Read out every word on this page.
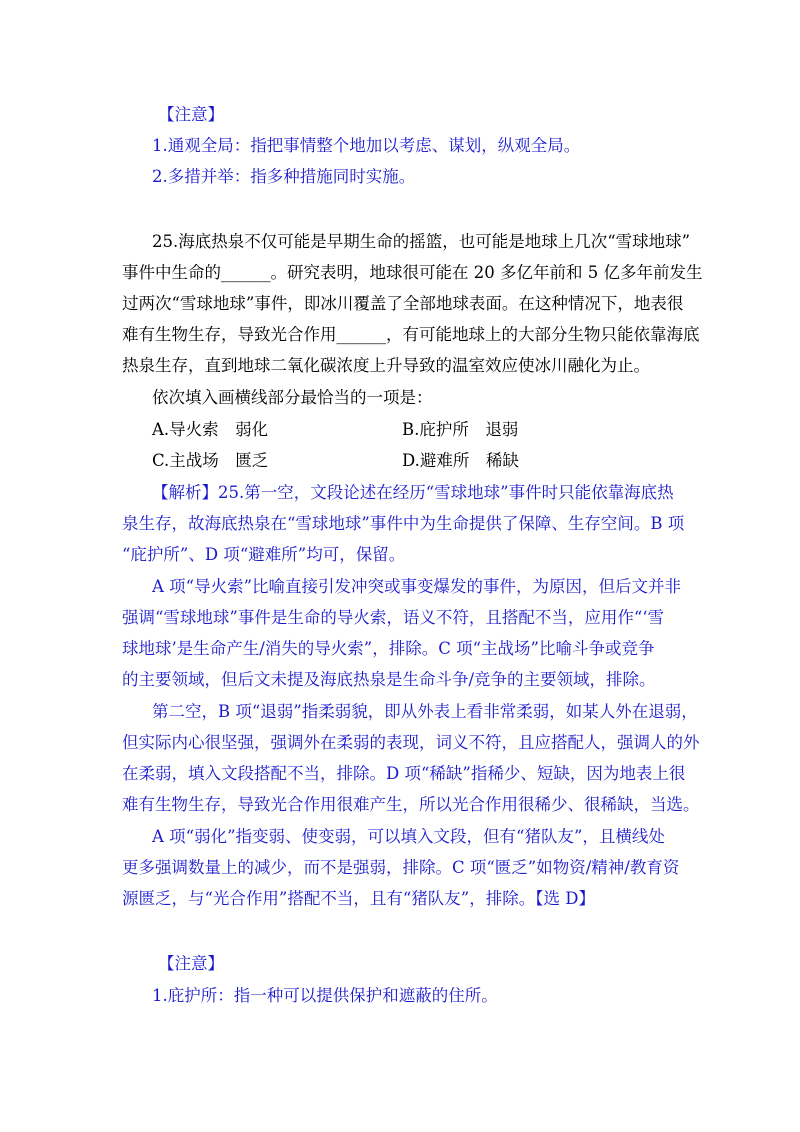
【注意】
1.通观全局：指把事情整个地加以考虑、谋划，纵观全局。
2.多措并举：指多种措施同时实施。
25.海底热泉不仅可能是早期生命的摇篮，也可能是地球上几次“雪球地球”
事件中生命的______。研究表明，地球很可能在 20 多亿年前和 5 亿多年前发生
过两次“雪球地球”事件，即冰川覆盖了全部地球表面。在这种情况下，地表很
难有生物生存，导致光合作用______，有可能地球上的大部分生物只能依靠海底
热泉生存，直到地球二氧化碳浓度上升导致的温室效应使冰川融化为止。
依次填入画横线部分最恰当的一项是：
A.导火索　弱化	B.庇护所　退弱
C.主战场　匮乏	D.避难所　稀缺
【解析】25.第一空，文段论述在经历“雪球地球”事件时只能依靠海底热
泉生存，故海底热泉在“雪球地球”事件中为生命提供了保障、生存空间。B 项
“庇护所”、D 项“避难所”均可，保留。
A 项“导火索”比喻直接引发冲突或事变爆发的事件，为原因，但后文并非
强调“雪球地球”事件是生命的导火索，语义不符，且搭配不当，应用作“‘雪
球地球’是生命产生/消失的导火索”，排除。C 项“主战场”比喻斗争或竞争
的主要领域，但后文未提及海底热泉是生命斗争/竞争的主要领域，排除。
第二空，B 项“退弱”指柔弱貌，即从外表上看非常柔弱，如某人外在退弱，
但实际内心很坚强，强调外在柔弱的表现，词义不符，且应搭配人，强调人的外
在柔弱，填入文段搭配不当，排除。D 项“稀缺”指稀少、短缺，因为地表上很
难有生物生存，导致光合作用很难产生，所以光合作用很稀少、很稀缺，当选。
A 项“弱化”指变弱、使变弱，可以填入文段，但有“猪队友”，且横线处
更多强调数量上的减少，而不是强弱，排除。C 项“匮乏”如物资/精神/教育资
源匮乏，与“光合作用”搭配不当，且有“猪队友”，排除。【选 D】
【注意】
1.庇护所：指一种可以提供保护和遮蔽的住所。
